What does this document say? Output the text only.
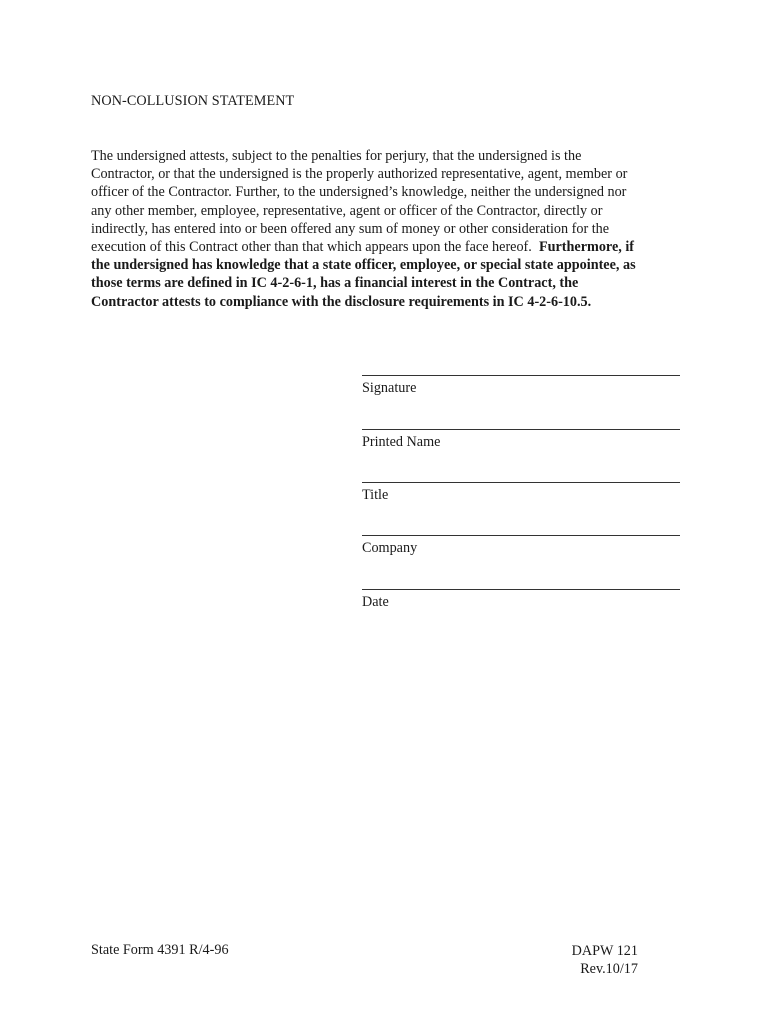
NON-COLLUSION STATEMENT
The undersigned attests, subject to the penalties for perjury, that the undersigned is the
Contractor, or that the undersigned is the properly authorized representative, agent, member or
officer of the Contractor. Further, to the undersigned’s knowledge, neither the undersigned nor
any other member, employee, representative, agent or officer of the Contractor, directly or
indirectly, has entered into or been offered any sum of money or other consideration for the
execution of this Contract other than that which appears upon the face hereof.  Furthermore, if
the undersigned has knowledge that a state officer, employee, or special state appointee, as
those terms are defined in IC 4-2-6-1, has a financial interest in the Contract, the
Contractor attests to compliance with the disclosure requirements in IC 4-2-6-10.5.
Signature
Printed Name
Title
Company
Date
State Form 4391 R/4-96	DAPW 121
Rev.10/17
